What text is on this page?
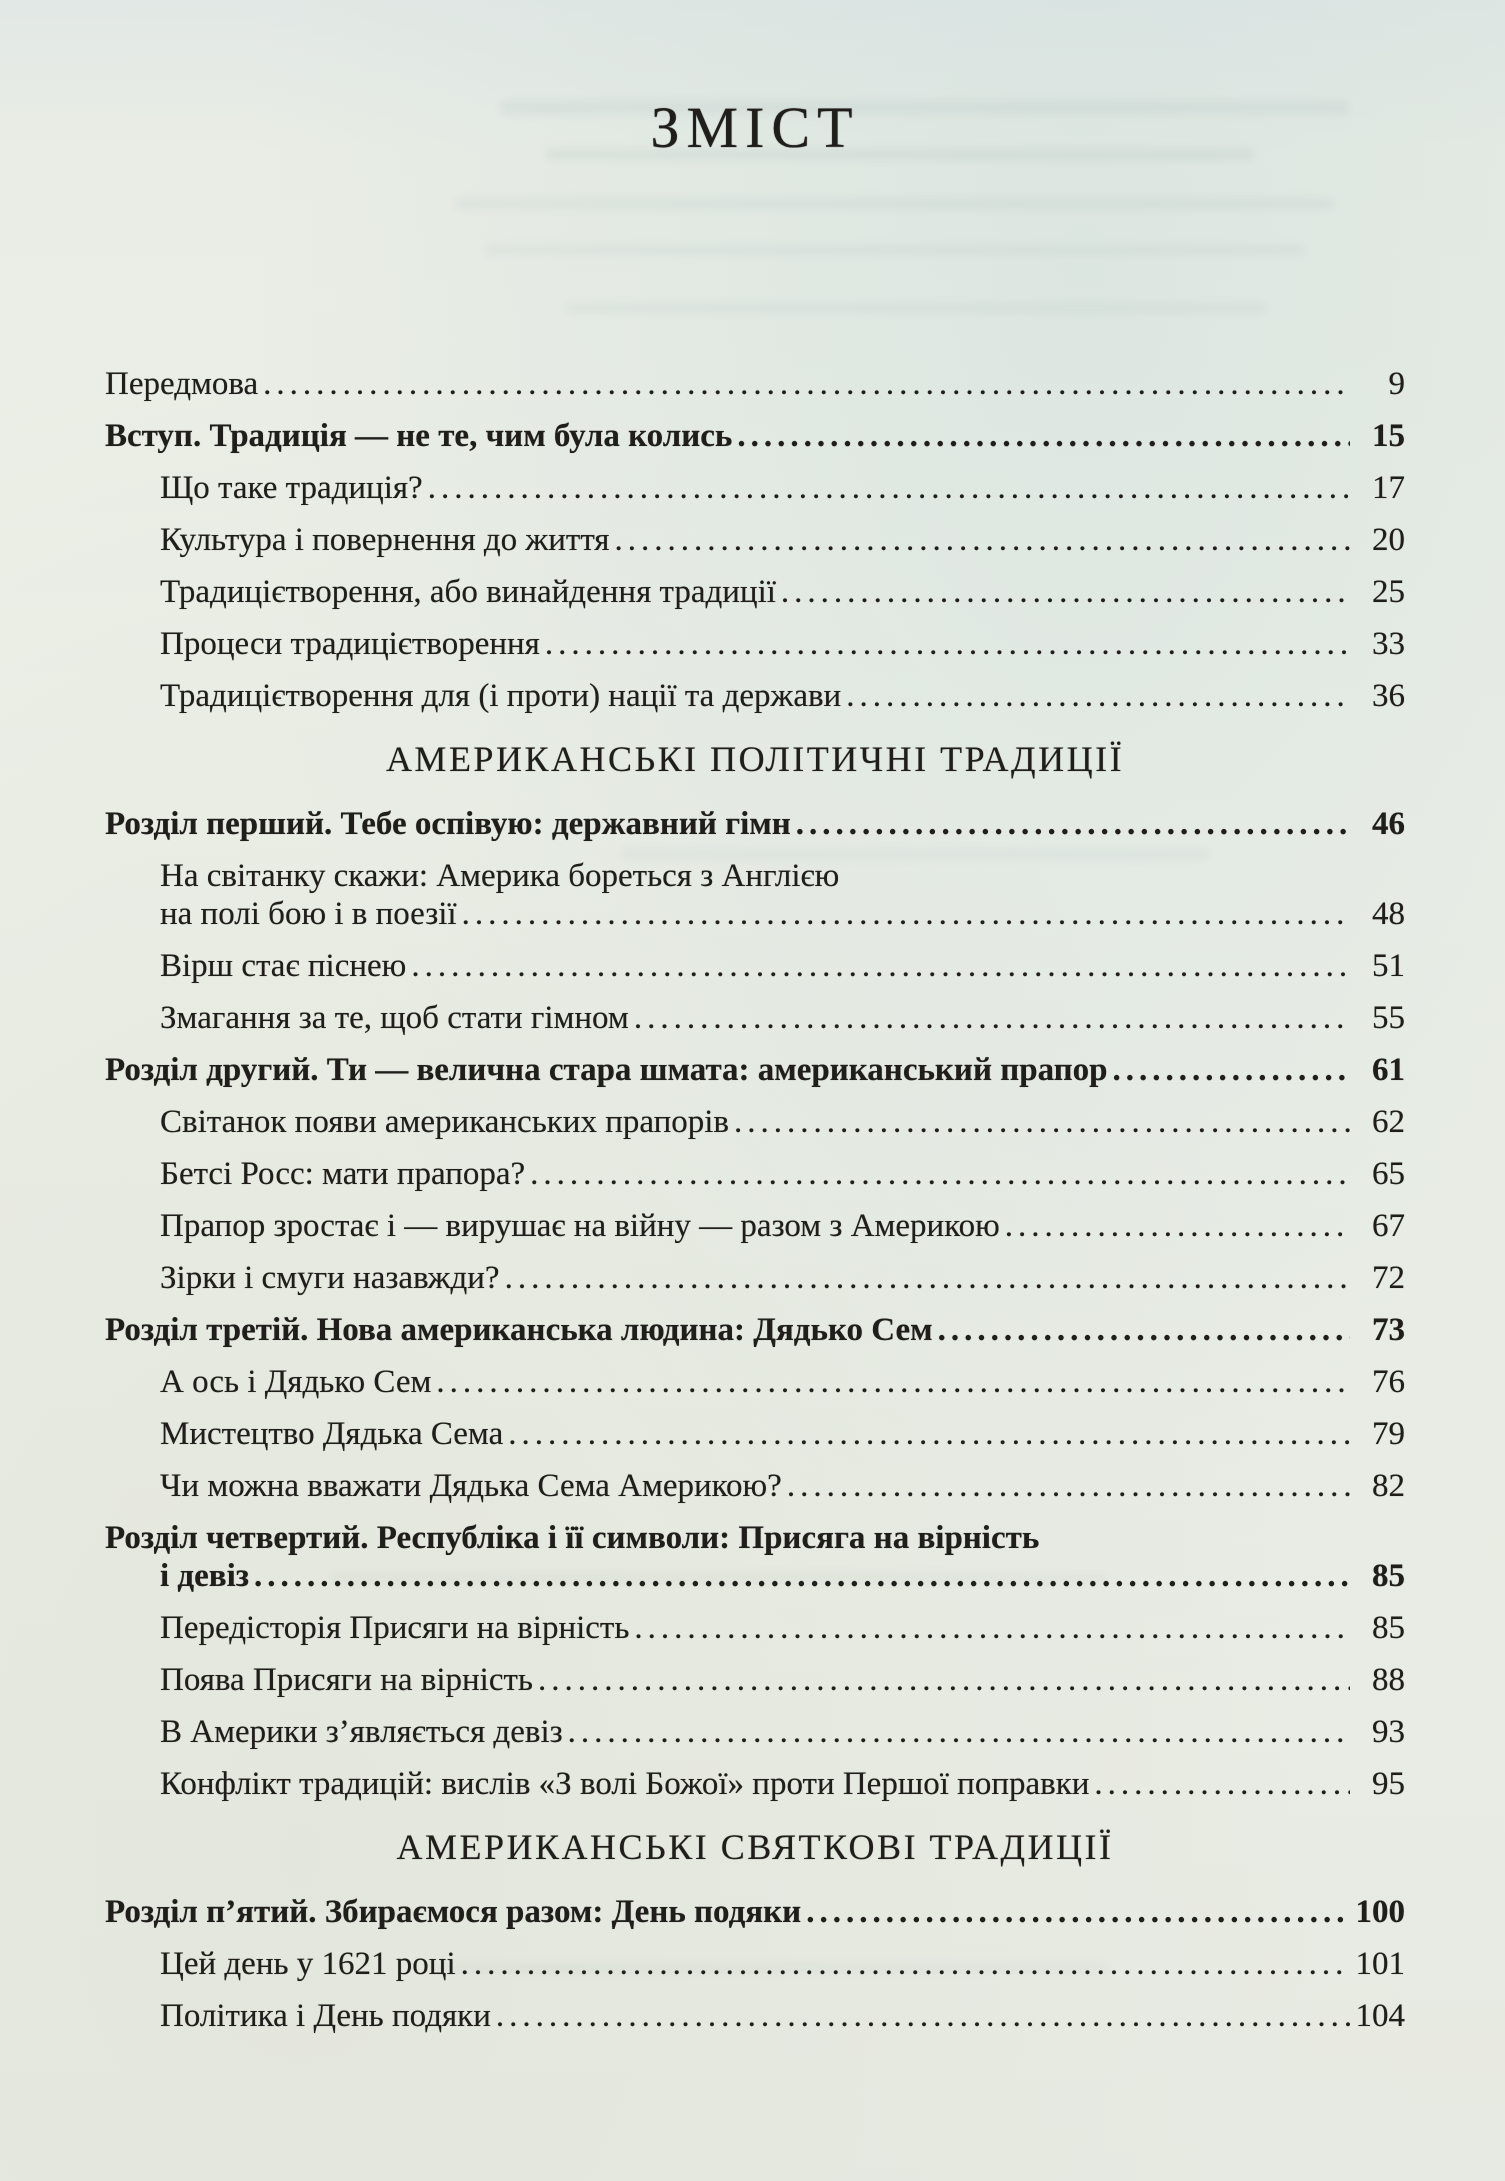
ЗМІСТ
Передмова .....	9
Вступ. Традиція — не те, чим була колись .....	15
Що таке традиція? .....	17
Культура і повернення до життя .....	20
Традицієтворення, або винайдення традиції .....	25
Процеси традицієтворення .....	33
Традицієтворення для (і проти) нації та держави .....	36
АМЕРИКАНСЬКІ ПОЛІТИЧНІ ТРАДИЦІЇ
Розділ перший. Тебе оспівую: державний гімн .....	46
На світанку скажи: Америка бореться з Англією
на полі бою і в поезії .....	48
Вірш стає піснею .....	51
Змагання за те, щоб стати гімном .....	55
Розділ другий. Ти — велична стара шмата: американський прапор .....	61
Світанок появи американських прапорів .....	62
Бетсі Росс: мати прапора? .....	65
Прапор зростає і — вирушає на війну — разом з Америкою .....	67
Зірки і смуги назавжди? .....	72
Розділ третій. Нова американська людина: Дядько Сем .....	73
А ось і Дядько Сем .....	76
Мистецтво Дядька Сема .....	79
Чи можна вважати Дядька Сема Америкою? .....	82
Розділ четвертий. Республіка і її символи: Присяга на вірність
і девіз .....	85
Передісторія Присяги на вірність .....	85
Поява Присяги на вірність .....	88
В Америки з’являється девіз .....	93
Конфлікт традицій: вислів «З волі Божої» проти Першої поправки .....	95
АМЕРИКАНСЬКІ СВЯТКОВІ ТРАДИЦІЇ
Розділ п’ятий. Збираємося разом: День подяки .....	100
Цей день у 1621 році .....	101
Політика і День подяки .....	104
